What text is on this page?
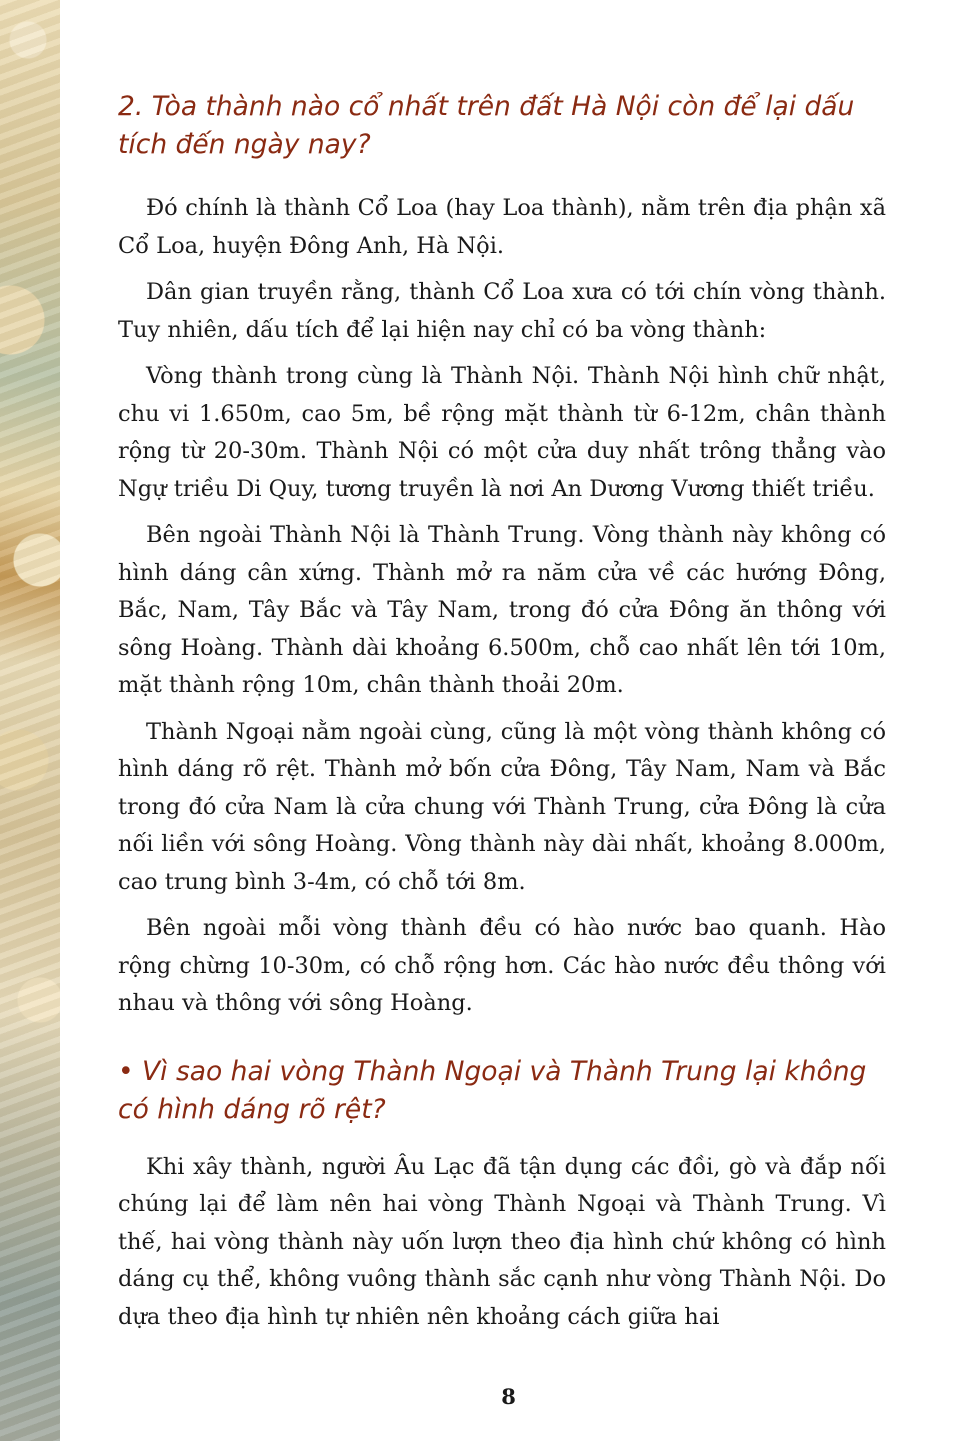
2. Tòa thành nào cổ nhất trên đất Hà Nội còn để lại dấu tích đến ngày nay?

Đó chính là thành Cổ Loa (hay Loa thành), nằm trên địa phận xã Cổ Loa, huyện Đông Anh, Hà Nội.

Dân gian truyền rằng, thành Cổ Loa xưa có tới chín vòng thành. Tuy nhiên, dấu tích để lại hiện nay chỉ có ba vòng thành:

Vòng thành trong cùng là Thành Nội. Thành Nội hình chữ nhật, chu vi 1.650m, cao 5m, bề rộng mặt thành từ 6-12m, chân thành rộng từ 20-30m. Thành Nội có một cửa duy nhất trông thẳng vào Ngự triều Di Quy, tương truyền là nơi An Dương Vương thiết triều.

Bên ngoài Thành Nội là Thành Trung. Vòng thành này không có hình dáng cân xứng. Thành mở ra năm cửa về các hướng Đông, Bắc, Nam, Tây Bắc và Tây Nam, trong đó cửa Đông ăn thông với sông Hoàng. Thành dài khoảng 6.500m, chỗ cao nhất lên tới 10m, mặt thành rộng 10m, chân thành thoải 20m.

Thành Ngoại nằm ngoài cùng, cũng là một vòng thành không có hình dáng rõ rệt. Thành mở bốn cửa Đông, Tây Nam, Nam và Bắc trong đó cửa Nam là cửa chung với Thành Trung, cửa Đông là cửa nối liền với sông Hoàng. Vòng thành này dài nhất, khoảng 8.000m, cao trung bình 3-4m, có chỗ tới 8m.

Bên ngoài mỗi vòng thành đều có hào nước bao quanh. Hào rộng chừng 10-30m, có chỗ rộng hơn. Các hào nước đều thông với nhau và thông với sông Hoàng.

• Vì sao hai vòng Thành Ngoại và Thành Trung lại không có hình dáng rõ rệt?

Khi xây thành, người Âu Lạc đã tận dụng các đồi, gò và đắp nối chúng lại để làm nên hai vòng Thành Ngoại và Thành Trung. Vì thế, hai vòng thành này uốn lượn theo địa hình chứ không có hình dáng cụ thể, không vuông thành sắc cạnh như vòng Thành Nội. Do dựa theo địa hình tự nhiên nên khoảng cách giữa hai

8
